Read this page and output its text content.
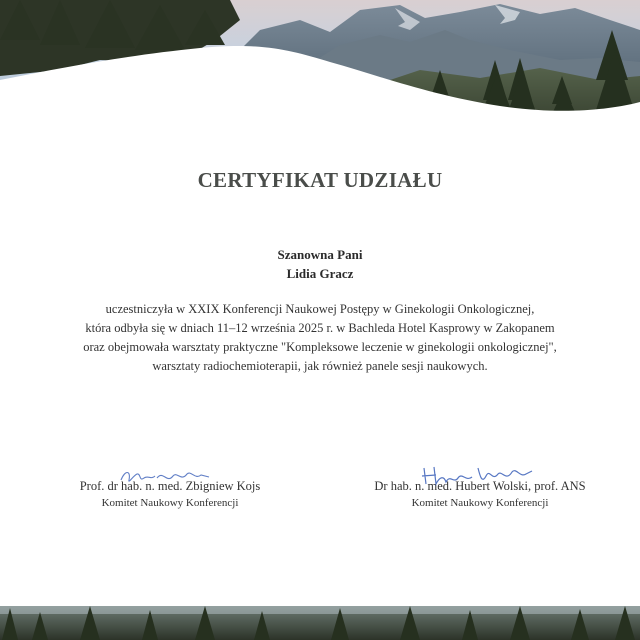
CERTYFIKAT UDZIAŁU
Szanowna Pani
Lidia Gracz
uczestniczyła w XXIX Konferencji Naukowej Postępy w Ginekologii Onkologicznej,
która odbyła się w dniach 11–12 września 2025 r. w Bachleda Hotel Kasprowy w Zakopanem
oraz obejmowała warsztaty praktyczne "Kompleksowe leczenie w ginekologii onkologicznej",
warsztaty radiochemioterapii, jak również panele sesji naukowych.
Prof. dr hab. n. med. Zbigniew Kojs
Komitet Naukowy Konferencji
Dr hab. n. med. Hubert Wolski, prof. ANS
Komitet Naukowy Konferencji
